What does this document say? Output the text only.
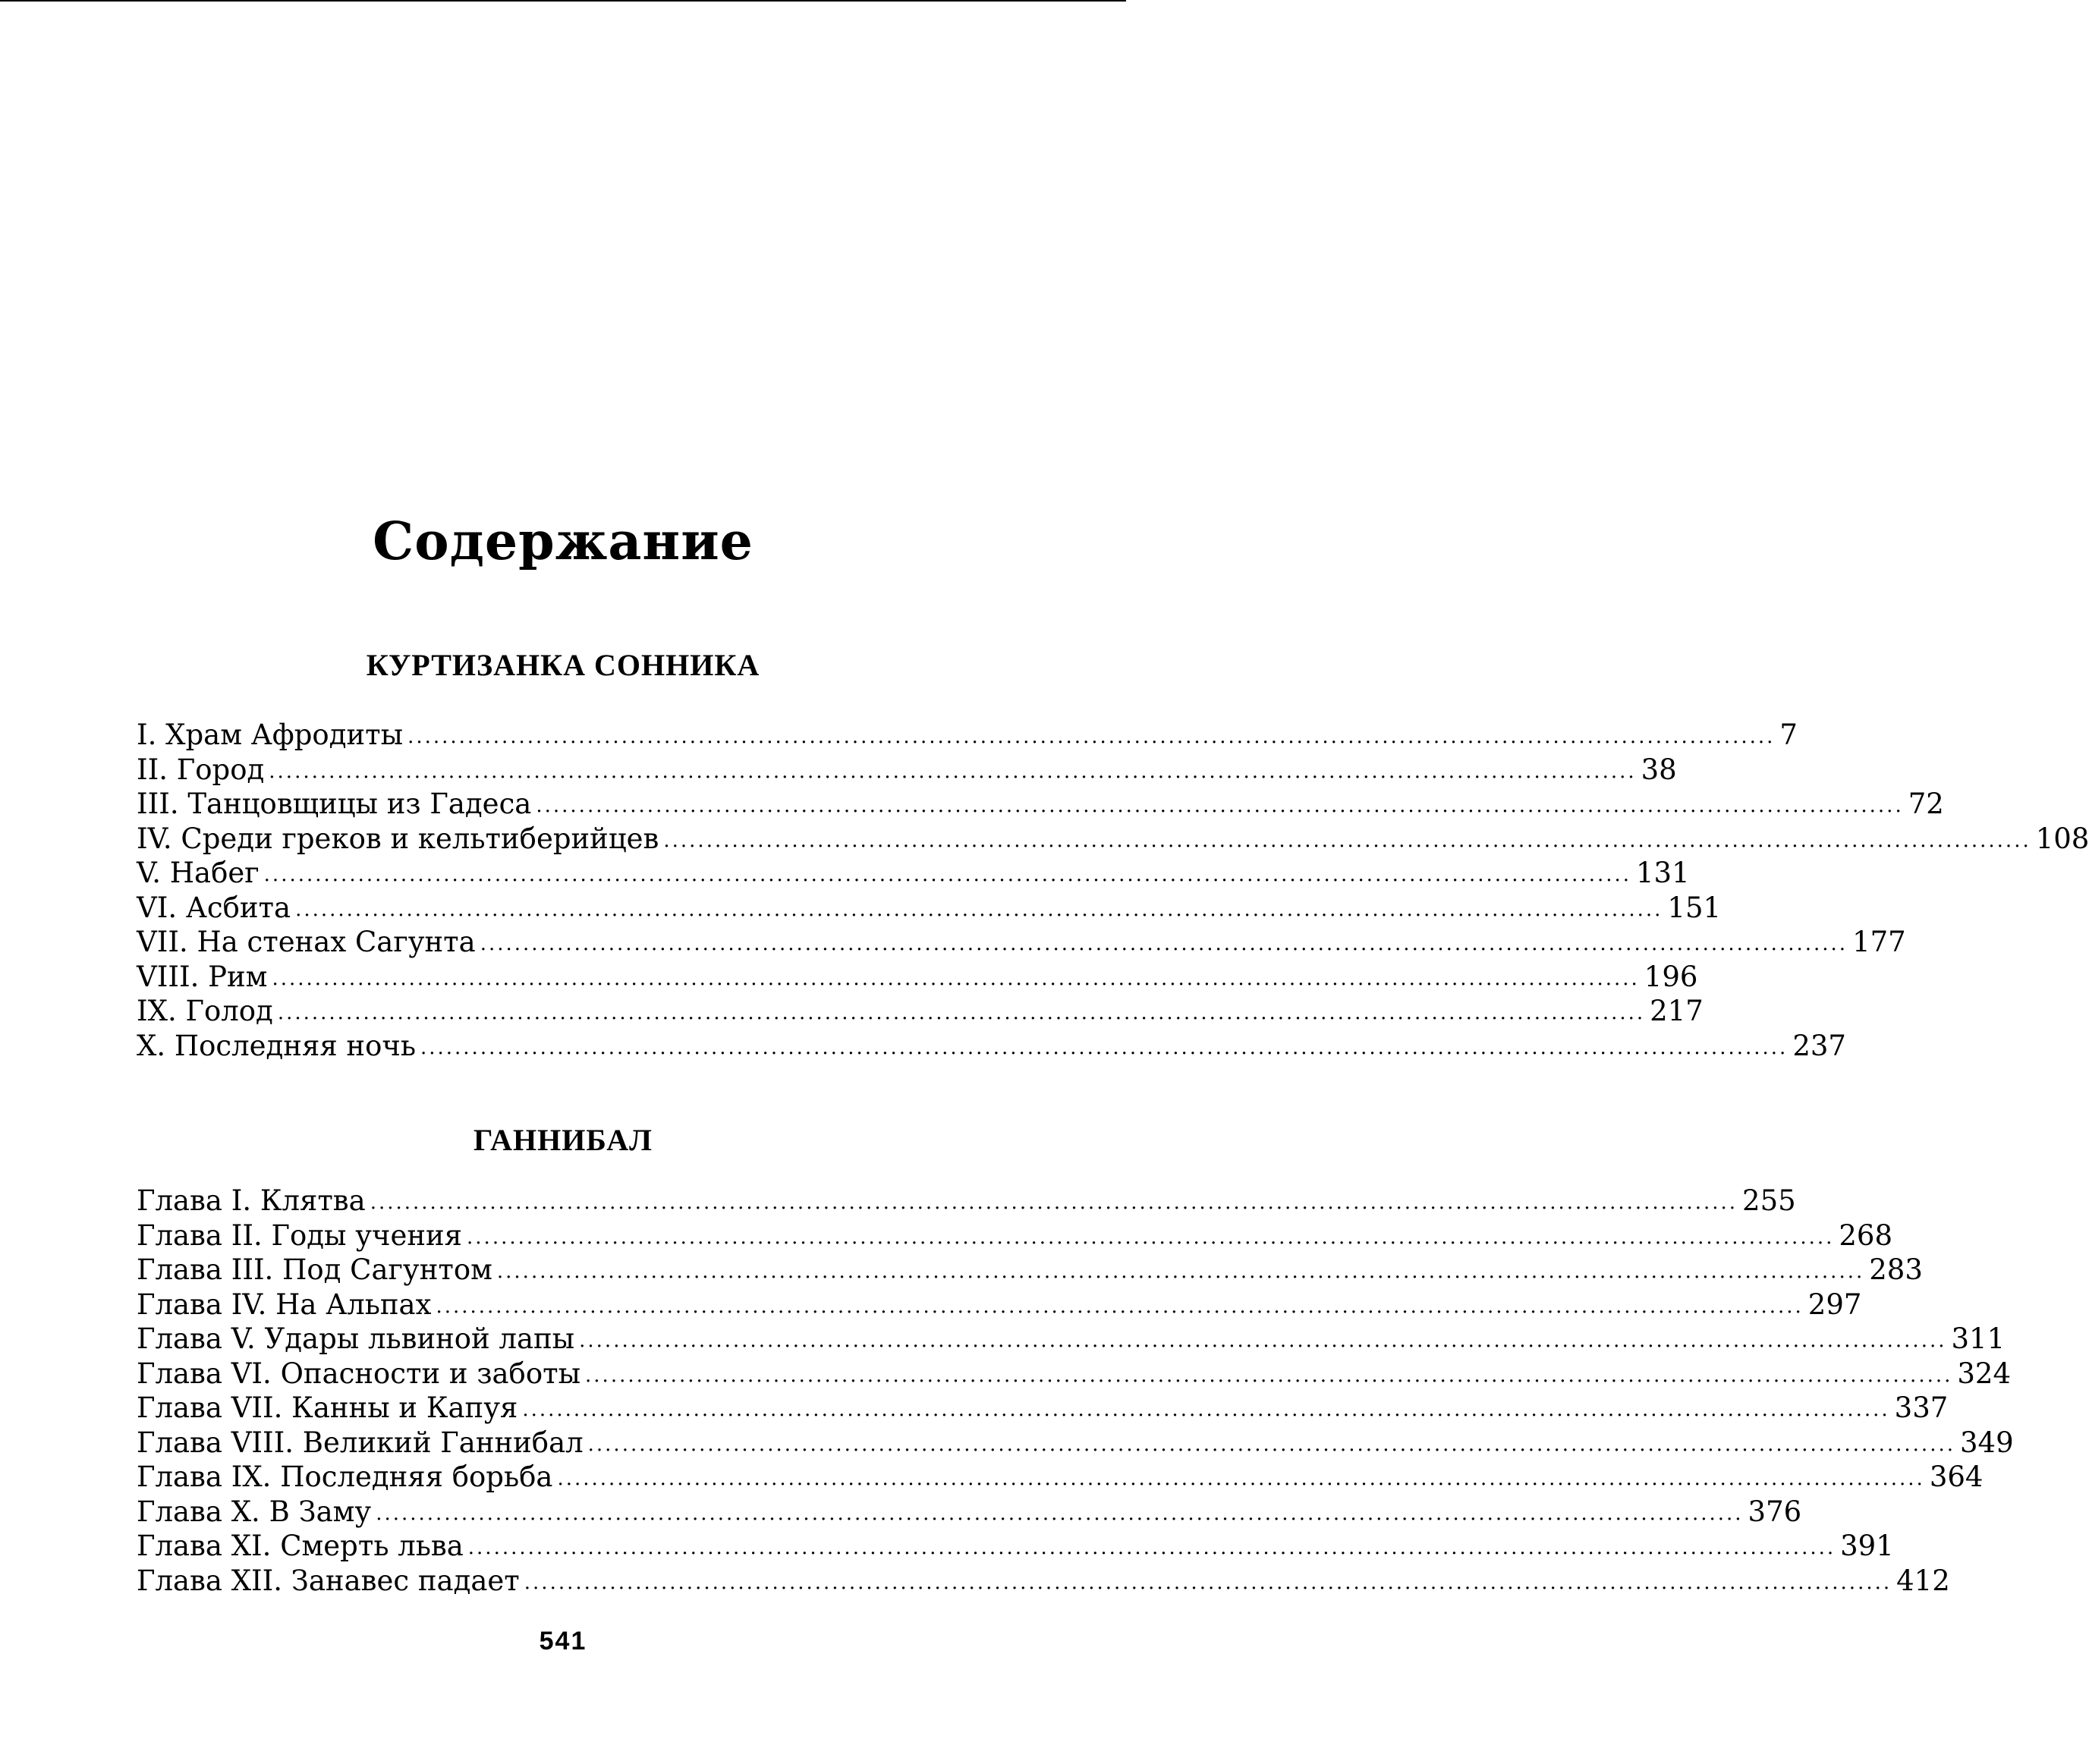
Содержание
КУРТИЗАНКА СОННИКА
I. Храм Афродиты ................................................................................................................................................................ 7
II. Город ................................................................................................................................................................ 38
III. Танцовщицы из Гадеса ................................................................................................................................................................ 72
IV. Среди греков и кельтиберийцев ................................................................................................................................................................ 108
V. Набег ................................................................................................................................................................ 131
VI. Асбита ................................................................................................................................................................ 151
VII. На стенах Сагунта ................................................................................................................................................................ 177
VIII. Рим ................................................................................................................................................................ 196
IX. Голод ................................................................................................................................................................ 217
X. Последняя ночь ................................................................................................................................................................ 237
ГАННИБАЛ
Глава I. Клятва ................................................................................................................................................................ 255
Глава II. Годы учения ................................................................................................................................................................ 268
Глава III. Под Сагунтом ................................................................................................................................................................ 283
Глава IV. На Альпах ................................................................................................................................................................ 297
Глава V. Удары львиной лапы ................................................................................................................................................................ 311
Глава VI. Опасности и заботы ................................................................................................................................................................ 324
Глава VII. Канны и Капуя ................................................................................................................................................................ 337
Глава VIII. Великий Ганнибал ................................................................................................................................................................ 349
Глава IX. Последняя борьба ................................................................................................................................................................ 364
Глава X. В Заму ................................................................................................................................................................ 376
Глава XI. Смерть льва ................................................................................................................................................................ 391
Глава XII. Занавес падает ................................................................................................................................................................ 412
541
